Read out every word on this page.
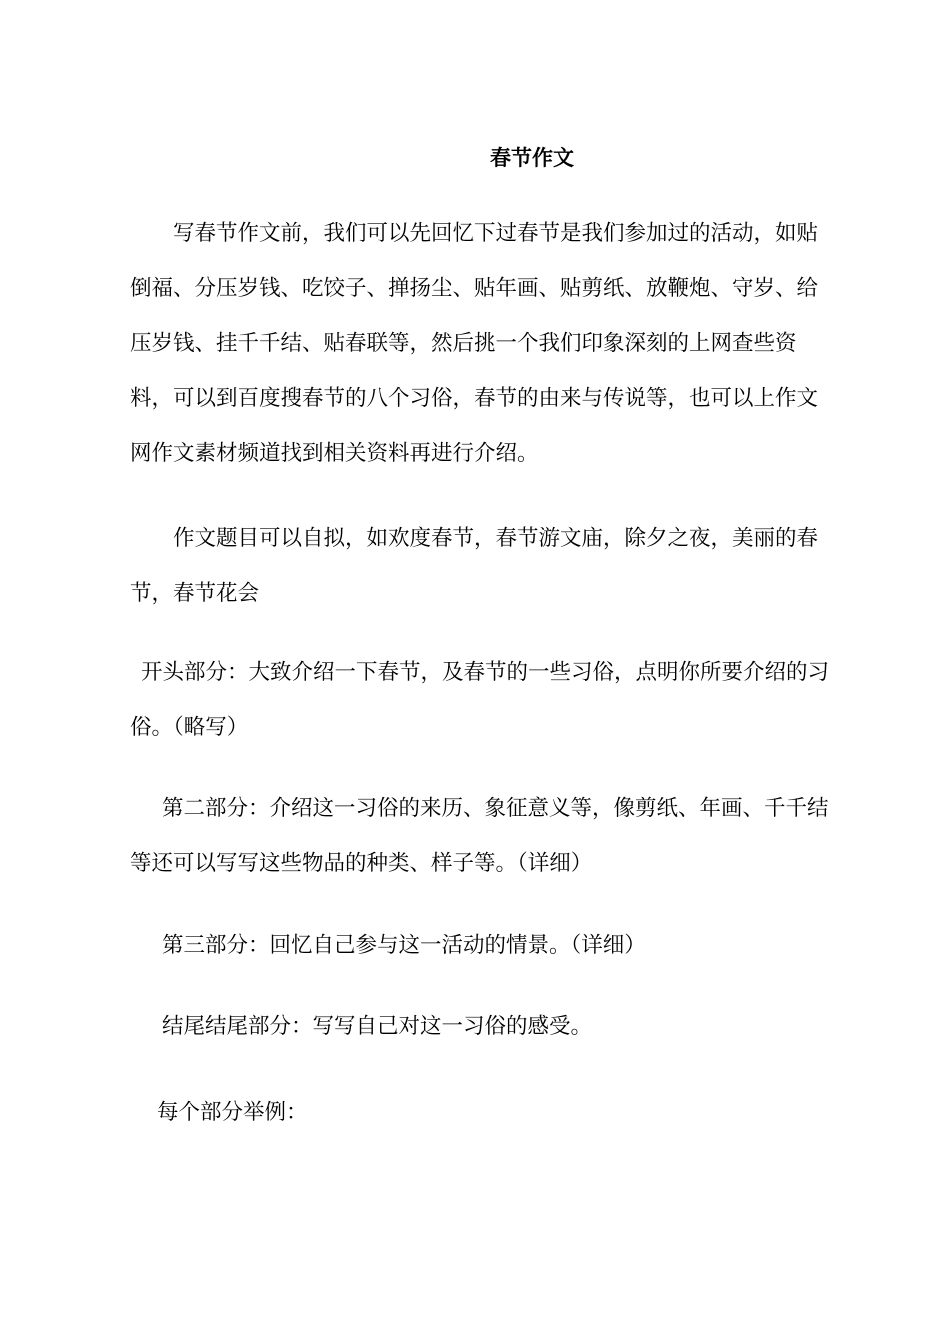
春节作文

写春节作文前，我们可以先回忆下过春节是我们参加过的活动，如贴倒福、分压岁钱、吃饺子、掸扬尘、贴年画、贴剪纸、放鞭炮、守岁、给压岁钱、挂千千结、贴春联等，然后挑一个我们印象深刻的上网查些资料，可以到百度搜春节的八个习俗，春节的由来与传说等，也可以上作文网作文素材频道找到相关资料再进行介绍。

作文题目可以自拟，如欢度春节，春节游文庙，除夕之夜，美丽的春节，春节花会

开头部分：大致介绍一下春节，及春节的一些习俗，点明你所要介绍的习俗。（略写）

第二部分：介绍这一习俗的来历、象征意义等，像剪纸、年画、千千结等还可以写写这些物品的种类、样子等。（详细）

第三部分：回忆自己参与这一活动的情景。（详细）

结尾结尾部分：写写自己对这一习俗的感受。

每个部分举例：
